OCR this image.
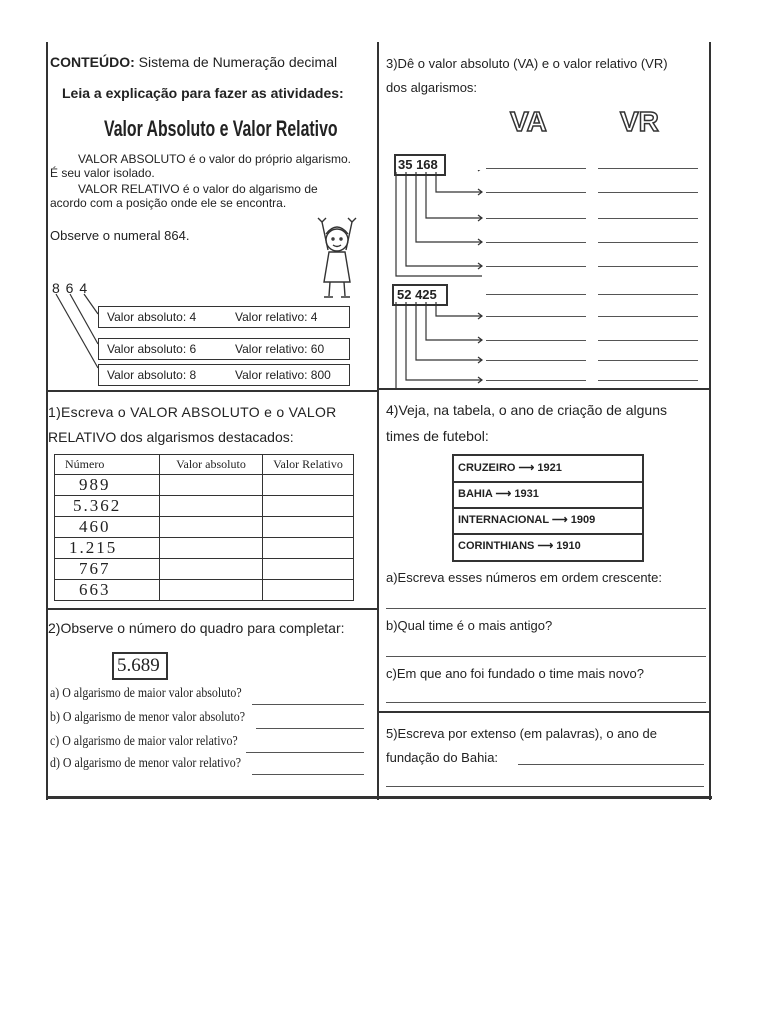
CONTEÚDO: Sistema de Numeração decimal
Leia a explicação para fazer as atividades:
Valor Absoluto e Valor Relativo
VALOR ABSOLUTO é o valor do próprio algarismo.
É seu valor isolado.
VALOR RELATIVO é o valor do algarismo de
acordo com a posição onde ele se encontra.
Observe o numeral 864.
8 6 4
Valor absoluto: 4	Valor relativo: 4
Valor absoluto: 6	Valor relativo: 60
Valor absoluto: 8	Valor relativo: 800
1)Escreva o VALOR ABSOLUTO e o VALOR
RELATIVO dos algarismos destacados:
Número	Valor absoluto	Valor Relativo
989		
5.362		
460		
1.215		
767		
663		
2)Observe o número do quadro para completar:
5.689
a) O algarismo de maior valor absoluto?
b) O algarismo de menor valor absoluto?
c) O algarismo de maior valor relativo?
d) O algarismo de menor valor relativo?
3)Dê o valor absoluto (VA) e o valor relativo (VR)
dos algarismos:
VA	VR
35 168
52 425
4)Veja, na tabela, o ano de criação de alguns
times de futebol:
CRUZEIRO ⟶ 1921
BAHIA ⟶ 1931
INTERNACIONAL ⟶ 1909
CORINTHIANS ⟶ 1910
a)Escreva esses números em ordem crescente:
b)Qual time é o mais antigo?
c)Em que ano foi fundado o time mais novo?
5)Escreva por extenso (em palavras), o ano de
fundação do Bahia:
